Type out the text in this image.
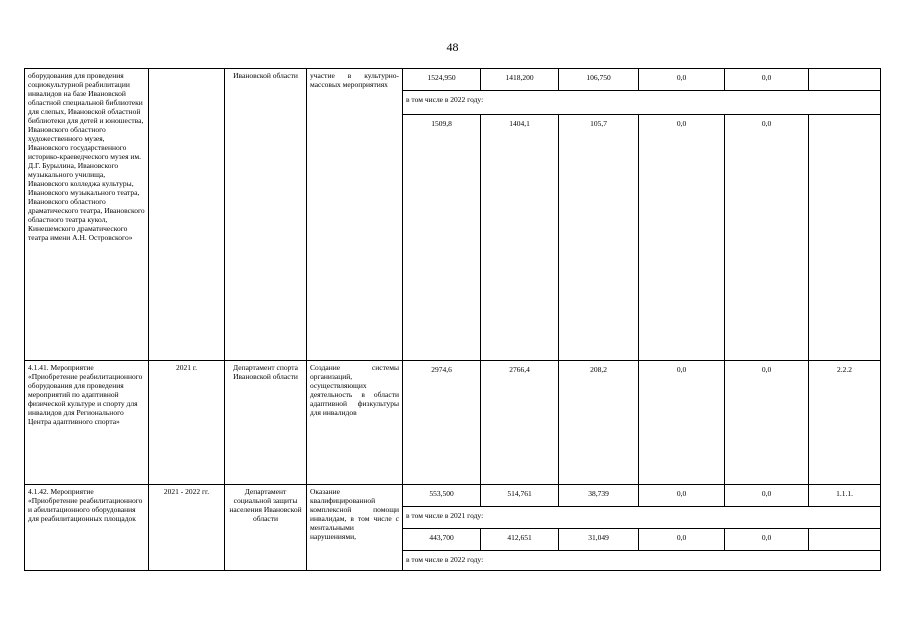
48
оборудования для проведения социокультурной реабилитации инвалидов на базе Ивановской областной специальной библиотеки для слепых, Ивановской областной библиотеки для детей и юношества, Ивановского областного художественного музея, Ивановского государственного историко-краеведческого музея им. Д.Г. Бурылина, Ивановского музыкального училища, Ивановского колледжа культуры, Ивановского музыкального театра, Ивановского областного драматического театра, Ивановского областного театра кукол, Кинешемского драматического театра имени А.Н. Островского»		Ивановской области	участие в культурно-массовых мероприятиях	1524,950	1418,200	106,750	0,0	0,0	
				в том числе в 2022 году:					
				1509,8	1404,1	105,7	0,0	0,0	
4.1.41. Мероприятие «Приобретение реабилитационного оборудования для проведения мероприятий по адаптивной физической культуре и спорту для инвалидов для Регионального Центра адаптивного спорта»	2021 г.	Департамент спорта Ивановской области	Создание системы организаций, осуществляющих деятельность в области адаптивной физкультуры для инвалидов	2974,6	2766,4	208,2	0,0	0,0	2.2.2
4.1.42. Мероприятие «Приобретение реабилитационного и абилитационного оборудования для реабилитационных площадок	2021 - 2022 гг.	Департамент социальной защиты населения Ивановской области	Оказание квалифицированной комплексной помощи инвалидам, в том числе с ментальными нарушениями,	553,500	514,761	38,739	0,0	0,0	1.1.1.
				в том числе в 2021 году:					
				443,700	412,651	31,049	0,0	0,0	
				в том числе в 2022 году:					
